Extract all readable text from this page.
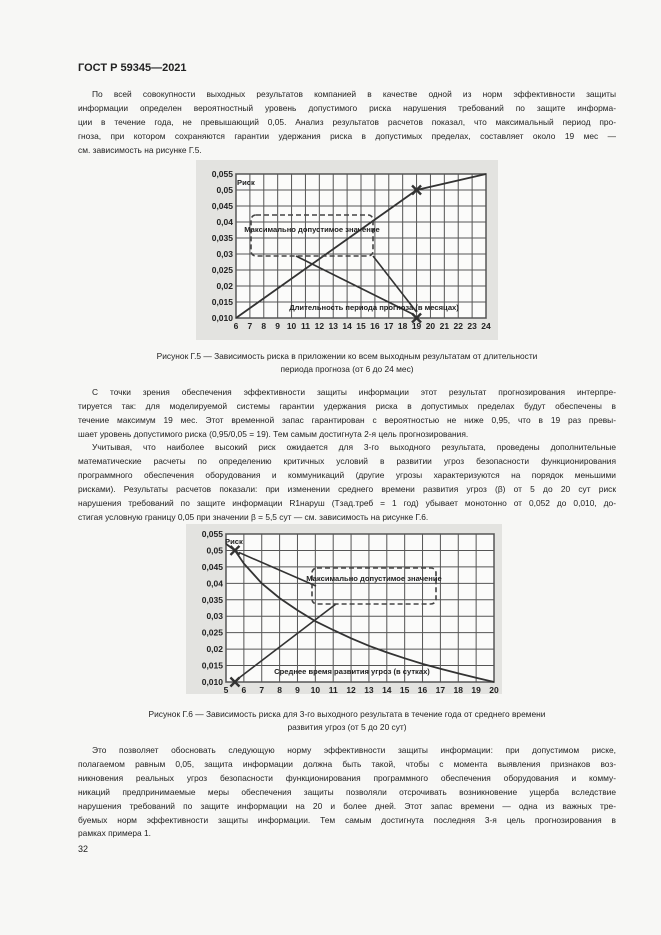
ГОСТ Р 59345—2021

По всей совокупности выходных результатов компанией в качестве одной из норм эффективности защиты
информации определен вероятностный уровень допустимого риска нарушения требований по защите информа-
ции в течение года, не превышающий 0,05. Анализ результатов расчетов показал, что максимальный период про-
гноза, при котором сохраняются гарантии удержания риска в допустимых пределах, составляет около 19 мес —
см. зависимость на рисунке Г.5.

6 7 8 9 10 11 12 13 14 15 16 17 18 19 20 21 22 23 24
0,055
0,05
0,045
0,04
0,035
0,03
0,025
0,02
0,015
0,010
Максимально допустимое значение
Риск
Длительность периода прогноза (в месяцах)
Рисунок Г.5 — Зависимость риска в приложении ко всем выходным результатам от длительности
периода прогноза (от 6 до 24 мес)

С точки зрения обеспечения эффективности защиты информации этот результат прогнозирования интерпре-
тируется так: для моделируемой системы гарантии удержания риска в допустимых пределах будут обеспечены в
течение максимум 19 мес. Этот временной запас гарантирован с вероятностью не ниже 0,95, что в 19 раз превы-
шает уровень допустимого риска (0,95/0,05 = 19). Тем самым достигнута 2-я цель прогнозирования.

Учитывая, что наиболее высокий риск ожидается для 3-го выходного результата, проведены дополнительные
математические расчеты по определению критичных условий в развитии угроз безопасности функционирования
программного обеспечения оборудования и коммуникаций (другие угрозы характеризуются на порядок меньшими
рисками). Результаты расчетов показали: при изменении среднего времени развития угроз (β) от 5 до 20 сут риск
нарушения требований по защите информации R1наруш (Tзад.треб = 1 год) убывает монотонно от 0,052 до 0,010, до-
стигая условную границу 0,05 при значении β = 5,5 сут — см. зависимость на рисунке Г.6.

5 6 7 8 9 10 11 12 13 14 15 16 17 18 19 20
0,055
0,05
0,045
0,04
0,035
0,03
0,025
0,02
0,015
0,010
Максимально допустимое значение
Риск
Среднее время развития угроз (в сутках)
Рисунок Г.6 — Зависимость риска для 3-го выходного результата в течение года от среднего времени
развития угроз (от 5 до 20 сут)

Это позволяет обосновать следующую норму эффективности защиты информации: при допустимом риске,
полагаемом равным 0,05, защита информации должна быть такой, чтобы с момента выявления признаков воз-
никновения реальных угроз безопасности функционирования программного обеспечения оборудования и комму-
никаций предпринимаемые меры обеспечения защиты позволяли отсрочивать возникновение ущерба вследствие
нарушения требований по защите информации на 20 и более дней. Этот запас времени — одна из важных тре-
буемых норм эффективности защиты информации. Тем самым достигнута последняя 3-я цель прогнозирования в
рамках примера 1.

32
